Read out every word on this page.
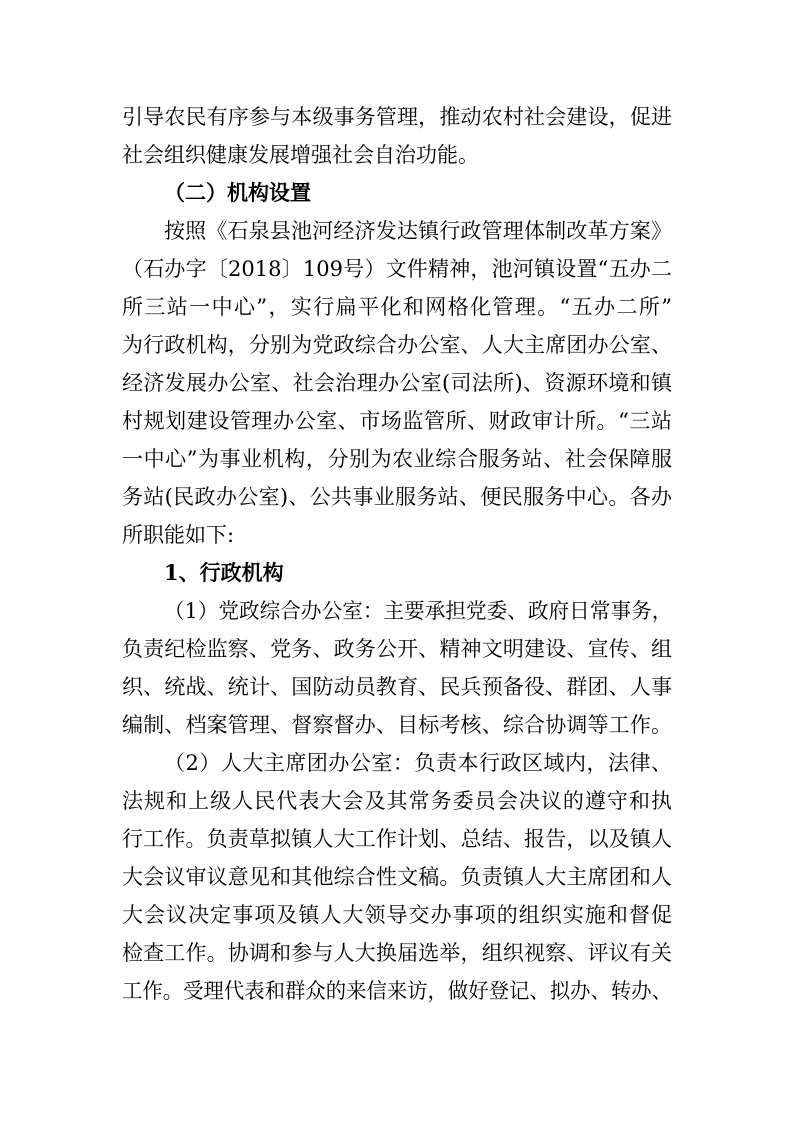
引导农民有序参与本级事务管理，推动农村社会建设，促进
社会组织健康发展增强社会自治功能。
（二）机构设置
按照《石泉县池河经济发达镇行政管理体制改革方案》
（石办字〔2018〕109号）文件精神，池河镇设置“五办二
所三站一中心”，实行扁平化和网格化管理。“五办二所”
为行政机构，分别为党政综合办公室、人大主席团办公室、
经济发展办公室、社会治理办公室(司法所)、资源环境和镇
村规划建设管理办公室、市场监管所、财政审计所。“三站
一中心”为事业机构，分别为农业综合服务站、社会保障服
务站(民政办公室)、公共事业服务站、便民服务中心。各办
所职能如下:
1、行政机构
（1）党政综合办公室：主要承担党委、政府日常事务，
负责纪检监察、党务、政务公开、精神文明建设、宣传、组
织、统战、统计、国防动员教育、民兵预备役、群团、人事
编制、档案管理、督察督办、目标考核、综合协调等工作。
（2）人大主席团办公室：负责本行政区域内，法律、
法规和上级人民代表大会及其常务委员会决议的遵守和执
行工作。负责草拟镇人大工作计划、总结、报告，以及镇人
大会议审议意见和其他综合性文稿。负责镇人大主席团和人
大会议决定事项及镇人大领导交办事项的组织实施和督促
检查工作。协调和参与人大换届选举，组织视察、评议有关
工作。受理代表和群众的来信来访，做好登记、拟办、转办、
